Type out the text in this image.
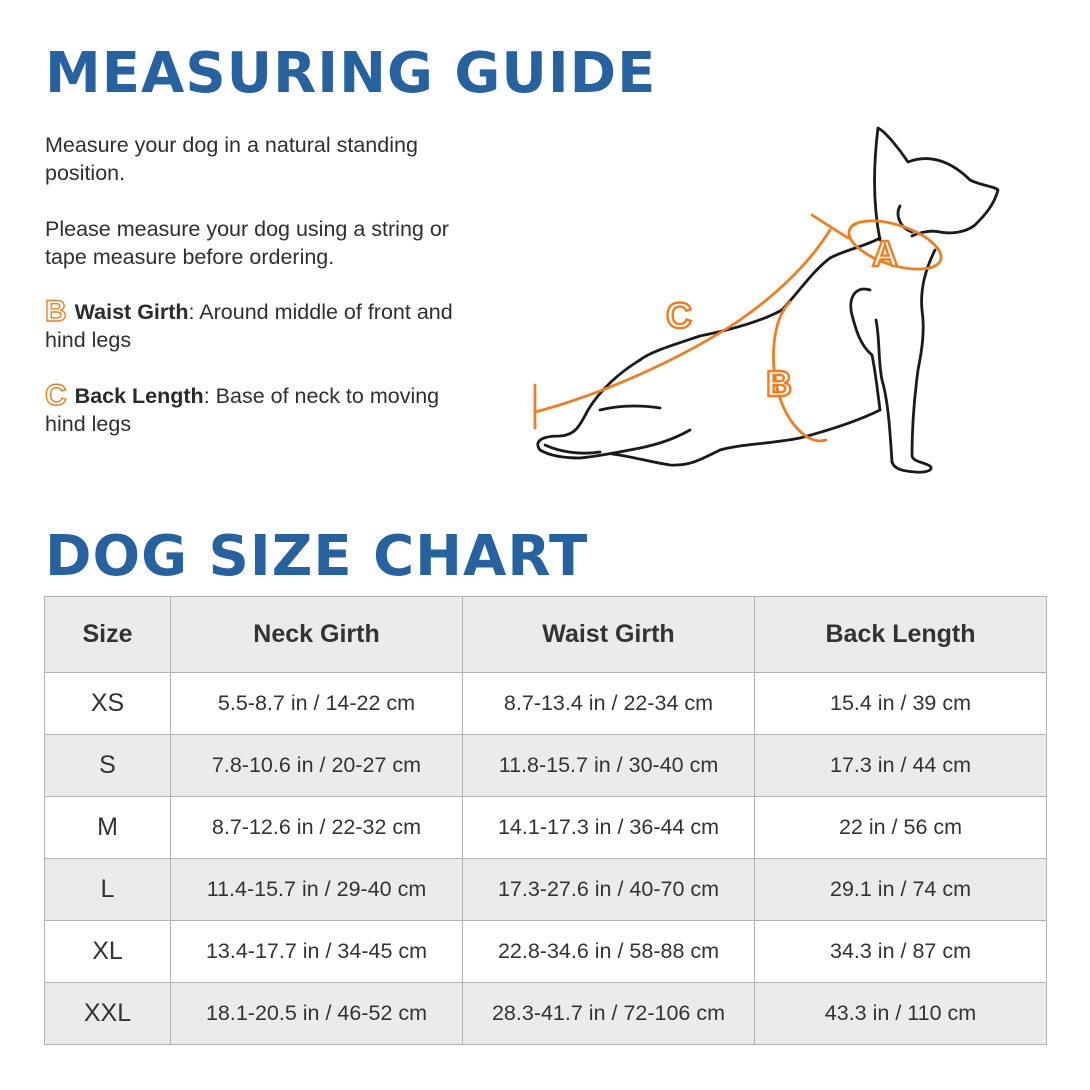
MEASURING GUIDE

Measure your dog in a natural standing position.

Please measure your dog using a string or tape measure before ordering.

B Waist Girth: Around middle of front and hind legs

C Back Length: Base of neck to moving hind legs

A
C
B
DOG SIZE CHART
Size	Neck Girth	Waist Girth	Back Length
XS	5.5-8.7 in / 14-22 cm	8.7-13.4 in / 22-34 cm	15.4 in / 39 cm
S	7.8-10.6 in / 20-27 cm	11.8-15.7 in / 30-40 cm	17.3 in / 44 cm
M	8.7-12.6 in / 22-32 cm	14.1-17.3 in / 36-44 cm	22 in / 56 cm
L	11.4-15.7 in / 29-40 cm	17.3-27.6 in / 40-70 cm	29.1 in / 74 cm
XL	13.4-17.7 in / 34-45 cm	22.8-34.6 in / 58-88 cm	34.3 in / 87 cm
XXL	18.1-20.5 in / 46-52 cm	28.3-41.7 in / 72-106 cm	43.3 in / 110 cm
